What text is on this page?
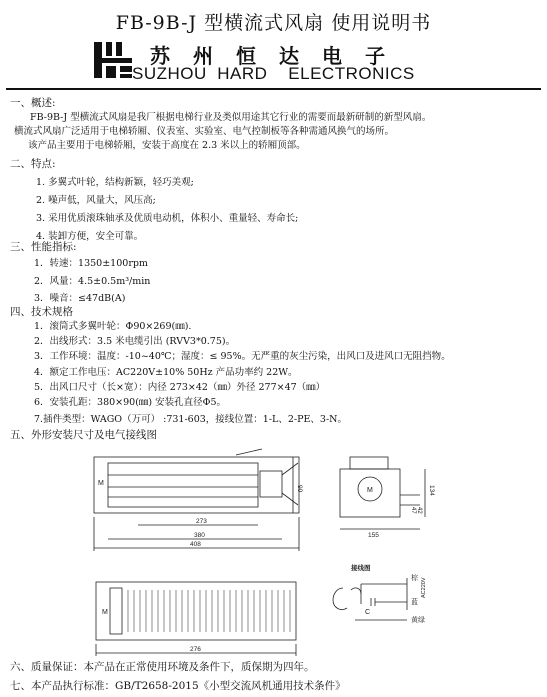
FB-9B-J 型横流式风扇 使用说明书
苏州恒达电子
SUZHOU  HARD    ELECTRONICS
一、概述:
FB-9B-J 型横流式风扇是我厂根据电梯行业及类似用途其它行业的需要而最新研制的新型风扇。
横流式风扇广泛适用于电梯轿厢、仪表室、实验室、电气控制板等各种需通风换气的场所。
该产品主要用于电梯轿厢，安装于高度在 2.3 米以上的轿厢顶部。
二、特点:
1. 多翼式叶轮，结构新颖，轻巧美观;
2. 噪声低，风量大，风压高;
3. 采用优质滚珠轴承及优质电动机，体积小、重量轻、寿命长;
4. 装卸方便，安全可靠。
三、性能指标:
1．转速：1350±100rpm
2．风量：4.5±0.5m³/min
3．噪音：≤47dB(A)
四、技术规格
1．滚筒式多翼叶轮：Φ90×269(㎜).
2．出线形式：3.5 米电缆引出 (RVV3*0.75)。
3．工作环境：温度：-10~40℃；湿度：≤ 95%。无严重的灰尘污染，出风口及进风口无阻挡物。
4．额定工作电压：AC220V±10% 50Hz 产品功率约 22W。
5．出风口尺寸（长×宽）：内径 273×42（㎜）外径 277×47（㎜）
6．安装孔距：380×90(㎜) 安装孔直径Φ5。
7.插件类型：WAGO（万可） :731-603，接线位置：1-L、2-PE、3-N。
五、外形安装尺寸及电气接线图
M
273
380
408
90	M
155
134
47 42
M
276
接线图
棕
蓝
黄绿
AC220V
C
六、质量保证：本产品在正常使用环境及条件下，质保期为四年。
七、本产品执行标准：GB/T2658-2015《小型交流风机通用技术条件》
